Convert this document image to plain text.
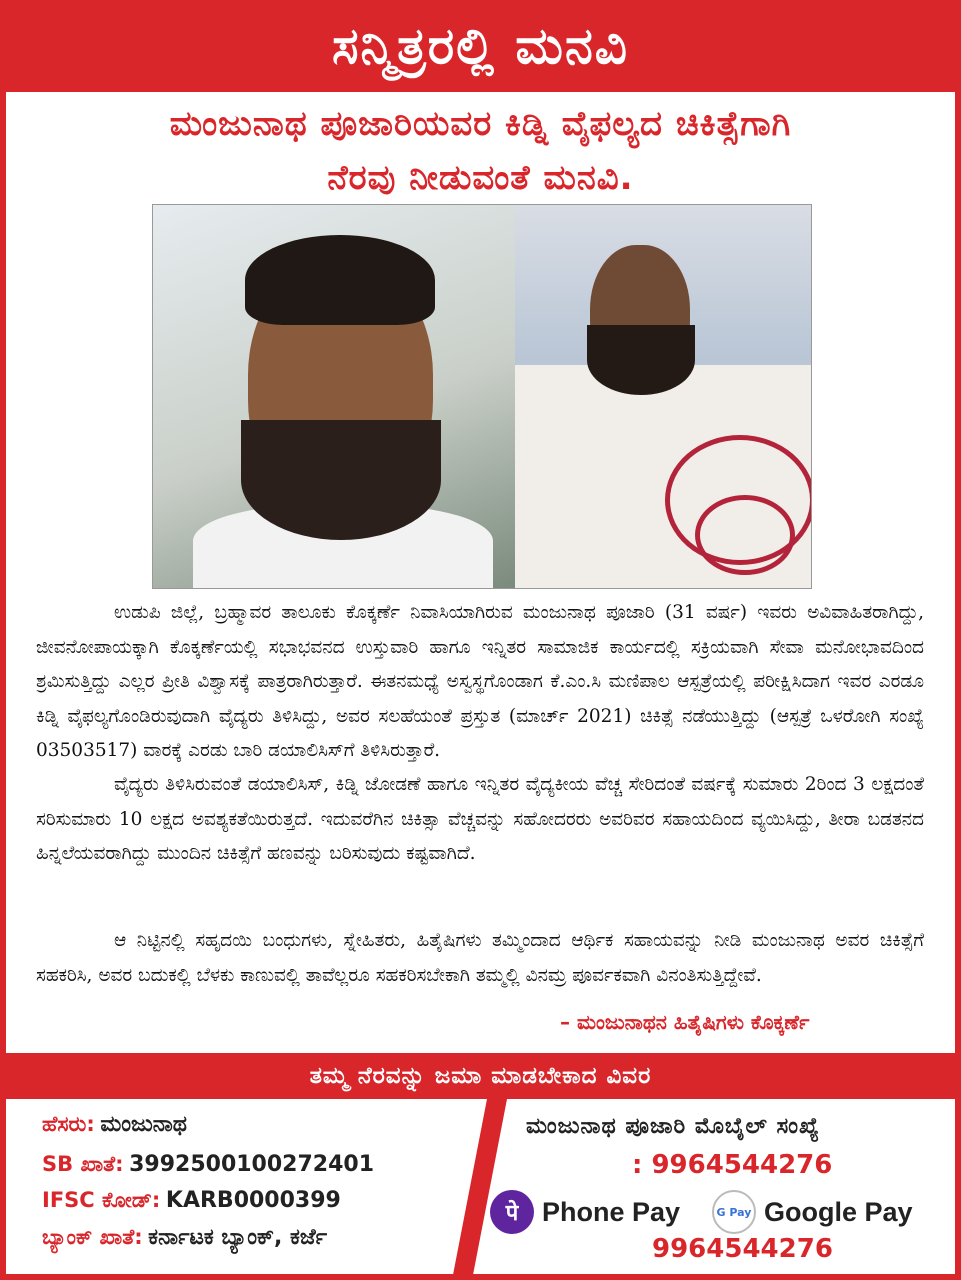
ಸನ್ಮಿತ್ರರಲ್ಲಿ ಮನವಿ
ಮಂಜುನಾಥ ಪೂಜಾರಿಯವರ ಕಿಡ್ನಿ ವೈಫಲ್ಯದ ಚಿಕಿತ್ಸೆಗಾಗಿ
ನೆರವು ನೀಡುವಂತೆ ಮನವಿ.
ಉಡುಪಿ ಜಿಲ್ಲೆ, ಬ್ರಹ್ಮಾವರ ತಾಲೂಕು ಕೊಕ್ಕರ್ಣೆ ನಿವಾಸಿಯಾಗಿರುವ ಮಂಜುನಾಥ ಪೂಜಾರಿ (31 ವರ್ಷ) ಇವರು ಅವಿವಾಹಿತರಾಗಿದ್ದು, ಜೀವನೋಪಾಯಕ್ಕಾಗಿ ಕೊಕ್ಕರ್ಣೆಯಲ್ಲಿ ಸಭಾಭವನದ ಉಸ್ತುವಾರಿ ಹಾಗೂ ಇನ್ನಿತರ ಸಾಮಾಜಿಕ ಕಾರ್ಯದಲ್ಲಿ ಸಕ್ರಿಯವಾಗಿ ಸೇವಾ ಮನೋಭಾವದಿಂದ ಶ್ರಮಿಸುತ್ತಿದ್ದು ಎಲ್ಲರ ಪ್ರೀತಿ ವಿಶ್ವಾಸಕ್ಕೆ ಪಾತ್ರರಾಗಿರುತ್ತಾರೆ. ಈತನಮಧ್ಯೆ ಅಸ್ವಸ್ಥಗೊಂಡಾಗ ಕೆ.ಎಂ.ಸಿ ಮಣಿಪಾಲ ಆಸ್ಪತ್ರೆಯಲ್ಲಿ ಪರೀಕ್ಷಿಸಿದಾಗ ಇವರ ಎರಡೂ ಕಿಡ್ನಿ ವೈಫಲ್ಯಗೊಂಡಿರುವುದಾಗಿ ವೈದ್ಯರು ತಿಳಿಸಿದ್ದು, ಅವರ ಸಲಹೆಯಂತೆ ಪ್ರಸ್ತುತ (ಮಾರ್ಚ್ 2021) ಚಿಕಿತ್ಸೆ ನಡೆಯುತ್ತಿದ್ದು (ಆಸ್ಪತ್ರೆ ಒಳರೋಗಿ ಸಂಖ್ಯೆ 03503517) ವಾರಕ್ಕೆ ಎರಡು ಬಾರಿ ಡಯಾಲಿಸಿಸ್‌ಗೆ ತಿಳಿಸಿರುತ್ತಾರೆ.
ವೈದ್ಯರು ತಿಳಿಸಿರುವಂತೆ ಡಯಾಲಿಸಿಸ್, ಕಿಡ್ನಿ ಜೋಡಣೆ ಹಾಗೂ ಇನ್ನಿತರ ವೈದ್ಯಕೀಯ ವೆಚ್ಚ ಸೇರಿದಂತೆ ವರ್ಷಕ್ಕೆ ಸುಮಾರು 2ರಿಂದ 3 ಲಕ್ಷದಂತೆ ಸರಿಸುಮಾರು 10 ಲಕ್ಷದ ಅವಶ್ಯಕತೆಯಿರುತ್ತದೆ. ಇದುವರೆಗಿನ ಚಿಕಿತ್ಸಾ ವೆಚ್ಚವನ್ನು ಸಹೋದರರು ಅವರಿವರ ಸಹಾಯದಿಂದ ವ್ಯಯಿಸಿದ್ದು, ತೀರಾ ಬಡತನದ ಹಿನ್ನಲೆಯವರಾಗಿದ್ದು ಮುಂದಿನ ಚಿಕಿತ್ಸೆಗೆ ಹಣವನ್ನು ಬರಿಸುವುದು ಕಷ್ಟವಾಗಿದೆ.
ಆ ನಿಟ್ಟಿನಲ್ಲಿ ಸಹೃದಯಿ ಬಂಧುಗಳು, ಸ್ನೇಹಿತರು, ಹಿತೈಷಿಗಳು ತಮ್ಮಿಂದಾದ ಆರ್ಥಿಕ ಸಹಾಯವನ್ನು ನೀಡಿ ಮಂಜುನಾಥ ಅವರ ಚಿಕಿತ್ಸೆಗೆ ಸಹಕರಿಸಿ, ಅವರ ಬದುಕಲ್ಲಿ ಬೆಳಕು ಕಾಣುವಲ್ಲಿ ತಾವೆಲ್ಲರೂ ಸಹಕರಿಸಬೇಕಾಗಿ ತಮ್ಮಲ್ಲಿ ವಿನಮ್ರ ಪೂರ್ವಕವಾಗಿ ವಿನಂತಿಸುತ್ತಿದ್ದೇವೆ.
– ಮಂಜುನಾಥನ ಹಿತೈಷಿಗಳು ಕೊಕ್ಕರ್ಣೆ
ತಮ್ಮ ನೆರವನ್ನು ಜಮಾ ಮಾಡಬೇಕಾದ ವಿವರ
ಹೆಸರು: ಮಂಜುನಾಥ
SB ಖಾತೆ: 3992500100272401
IFSC ಕೋಡ್: KARB0000399
ಬ್ಯಾಂಕ್ ಖಾತೆ: ಕರ್ನಾಟಕ ಬ್ಯಾಂಕ್, ಕರ್ಜೆ
ಮಂಜುನಾಥ ಪೂಜಾರಿ ಮೊಬೈಲ್ ಸಂಖ್ಯೆ
: 9964544276
पे Phone Pay	G Pay Google Pay
9964544276
